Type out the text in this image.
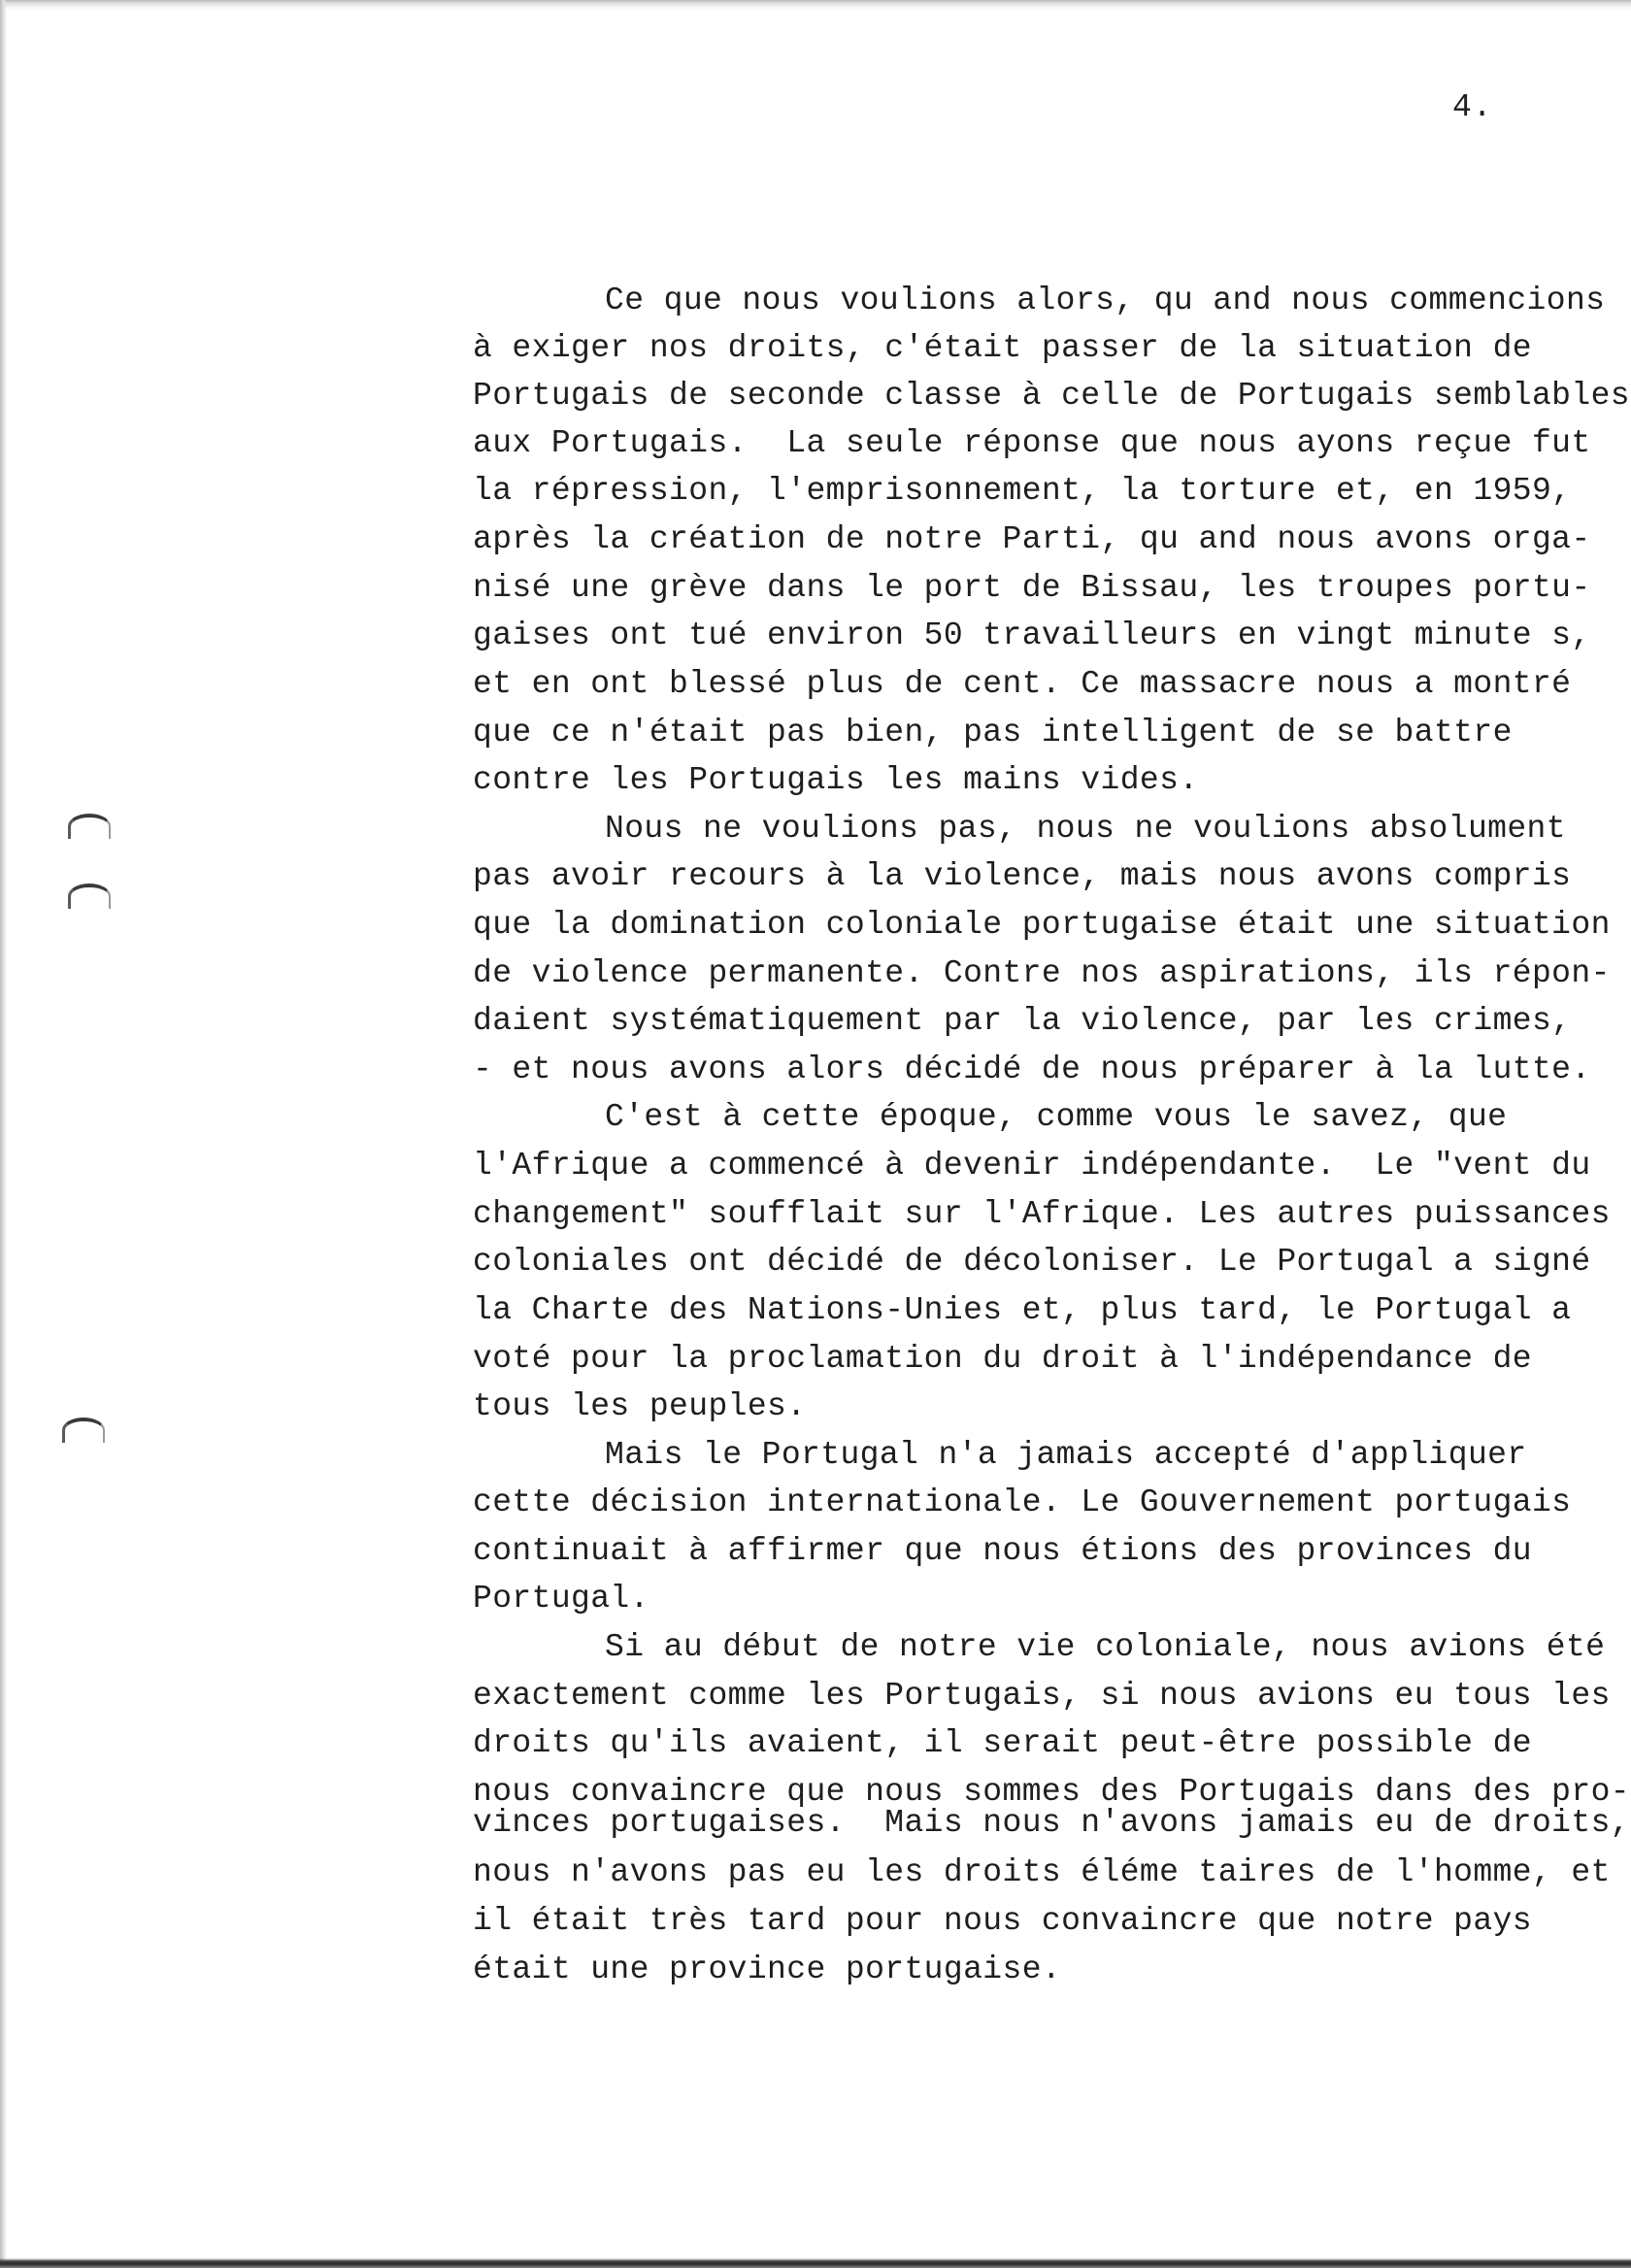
4.
Ce que nous voulions alors, qu and nous commencions
à exiger nos droits, c'était passer de la situation de
Portugais de seconde classe à celle de Portugais semblables
aux Portugais.  La seule réponse que nous ayons reçue fut
la répression, l'emprisonnement, la torture et, en 1959,
après la création de notre Parti, qu and nous avons orga-
nisé une grève dans le port de Bissau, les troupes portu-
gaises ont tué environ 50 travailleurs en vingt minute s,
et en ont blessé plus de cent. Ce massacre nous a montré
que ce n'était pas bien, pas intelligent de se battre
contre les Portugais les mains vides.
Nous ne voulions pas, nous ne voulions absolument
pas avoir recours à la violence, mais nous avons compris
que la domination coloniale portugaise était une situation
de violence permanente. Contre nos aspirations, ils répon-
daient systématiquement par la violence, par les crimes,
- et nous avons alors décidé de nous préparer à la lutte.
C'est à cette époque, comme vous le savez, que
l'Afrique a commencé à devenir indépendante.  Le "vent du
changement" soufflait sur l'Afrique. Les autres puissances
coloniales ont décidé de décoloniser. Le Portugal a signé
la Charte des Nations-Unies et, plus tard, le Portugal a
voté pour la proclamation du droit à l'indépendance de
tous les peuples.
Mais le Portugal n'a jamais accepté d'appliquer
cette décision internationale. Le Gouvernement portugais
continuait à affirmer que nous étions des provinces du
Portugal.
Si au début de notre vie coloniale, nous avions été
exactement comme les Portugais, si nous avions eu tous les
droits qu'ils avaient, il serait peut-être possible de
nous convaincre que nous sommes des Portugais dans des pro-
vinces portugaises.  Mais nous n'avons jamais eu de droits,
nous n'avons pas eu les droits éléme taires de l'homme, et
il était très tard pour nous convaincre que notre pays
était une province portugaise.
